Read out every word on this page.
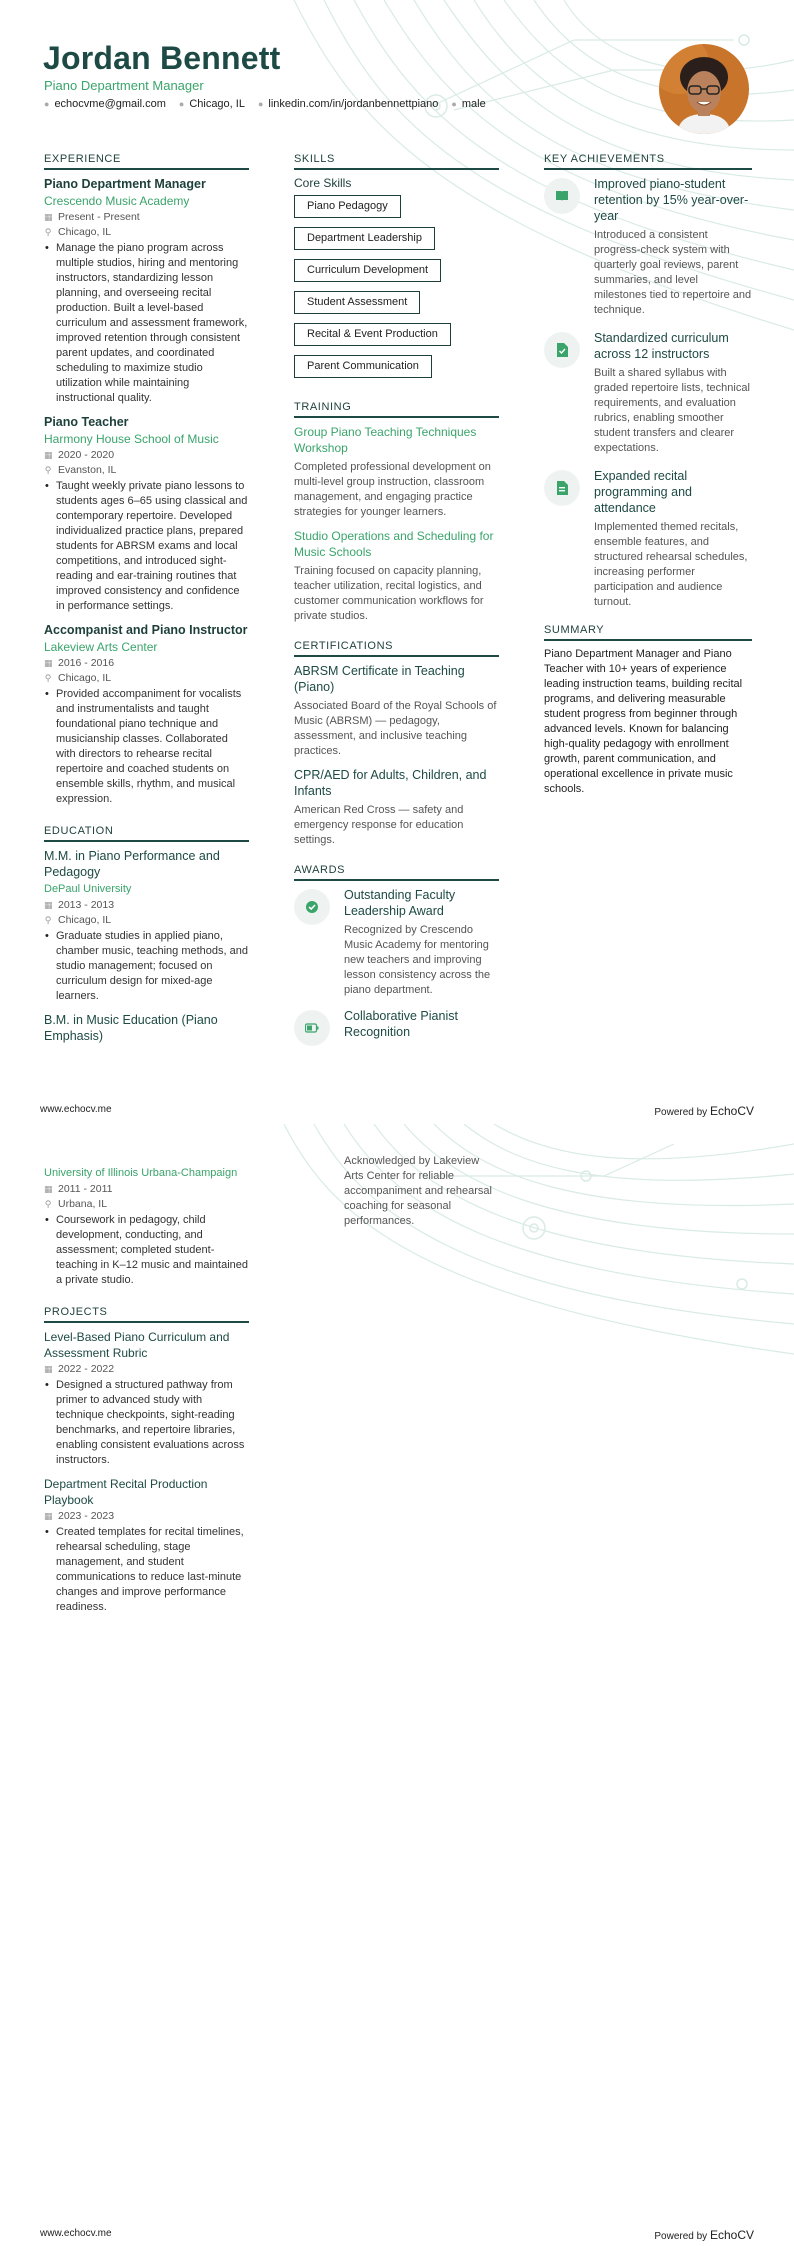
Jordan Bennett
Piano Department Manager
● echocvme@gmail.com ● Chicago, IL ● linkedin.com/in/jordanbennettpiano ● male
EXPERIENCE
Piano Department Manager
Crescendo Music Academy
▦ Present - Present
⚲ Chicago, IL
• Manage the piano program across multiple studios, hiring and mentoring instructors, standardizing lesson planning, and overseeing recital production. Built a level-based curriculum and assessment framework, improved retention through consistent parent updates, and coordinated scheduling to maximize studio utilization while maintaining instructional quality.
Piano Teacher
Harmony House School of Music
▦ 2020 - 2020
⚲ Evanston, IL
• Taught weekly private piano lessons to students ages 6–65 using classical and contemporary repertoire. Developed individualized practice plans, prepared students for ABRSM exams and local competitions, and introduced sight-reading and ear-training routines that improved consistency and confidence in performance settings.
Accompanist and Piano Instructor
Lakeview Arts Center
▦ 2016 - 2016
⚲ Chicago, IL
• Provided accompaniment for vocalists and instrumentalists and taught foundational piano technique and musicianship classes. Collaborated with directors to rehearse recital repertoire and coached students on ensemble skills, rhythm, and musical expression.
EDUCATION
M.M. in Piano Performance and Pedagogy
DePaul University
▦ 2013 - 2013
⚲ Chicago, IL
• Graduate studies in applied piano, chamber music, teaching methods, and studio management; focused on curriculum design for mixed-age learners.
B.M. in Music Education (Piano Emphasis)
SKILLS
Core Skills
Piano Pedagogy
Department Leadership
Curriculum Development
Student Assessment
Recital & Event Production
Parent Communication
TRAINING
Group Piano Teaching Techniques Workshop
Completed professional development on multi-level group instruction, classroom management, and engaging practice strategies for younger learners.
Studio Operations and Scheduling for Music Schools
Training focused on capacity planning, teacher utilization, recital logistics, and customer communication workflows for private studios.
CERTIFICATIONS
ABRSM Certificate in Teaching (Piano)
Associated Board of the Royal Schools of Music (ABRSM) — pedagogy, assessment, and inclusive teaching practices.
CPR/AED for Adults, Children, and Infants
American Red Cross — safety and emergency response for education settings.
AWARDS
Outstanding Faculty Leadership Award
Recognized by Crescendo Music Academy for mentoring new teachers and improving lesson consistency across the piano department.
Collaborative Pianist Recognition
KEY ACHIEVEMENTS
Improved piano-student retention by 15% year-over-year
Introduced a consistent progress-check system with quarterly goal reviews, parent summaries, and level milestones tied to repertoire and technique.
Standardized curriculum across 12 instructors
Built a shared syllabus with graded repertoire lists, technical requirements, and evaluation rubrics, enabling smoother student transfers and clearer expectations.
Expanded recital programming and attendance
Implemented themed recitals, ensemble features, and structured rehearsal schedules, increasing performer participation and audience turnout.
SUMMARY
Piano Department Manager and Piano Teacher with 10+ years of experience leading instruction teams, building recital programs, and delivering measurable student progress from beginner through advanced levels. Known for balancing high-quality pedagogy with enrollment growth, parent communication, and operational excellence in private music schools.
www.echocv.me	Powered by EchoCV
University of Illinois Urbana-Champaign
▦ 2011 - 2011
⚲ Urbana, IL
• Coursework in pedagogy, child development, conducting, and assessment; completed student-teaching in K–12 music and maintained a private studio.
PROJECTS
Level-Based Piano Curriculum and Assessment Rubric
▦ 2022 - 2022
• Designed a structured pathway from primer to advanced study with technique checkpoints, sight-reading benchmarks, and repertoire libraries, enabling consistent evaluations across instructors.
Department Recital Production Playbook
▦ 2023 - 2023
• Created templates for recital timelines, rehearsal scheduling, stage management, and student communications to reduce last-minute changes and improve performance readiness.
Acknowledged by Lakeview Arts Center for reliable accompaniment and rehearsal coaching for seasonal performances.
www.echocv.me	Powered by EchoCV
